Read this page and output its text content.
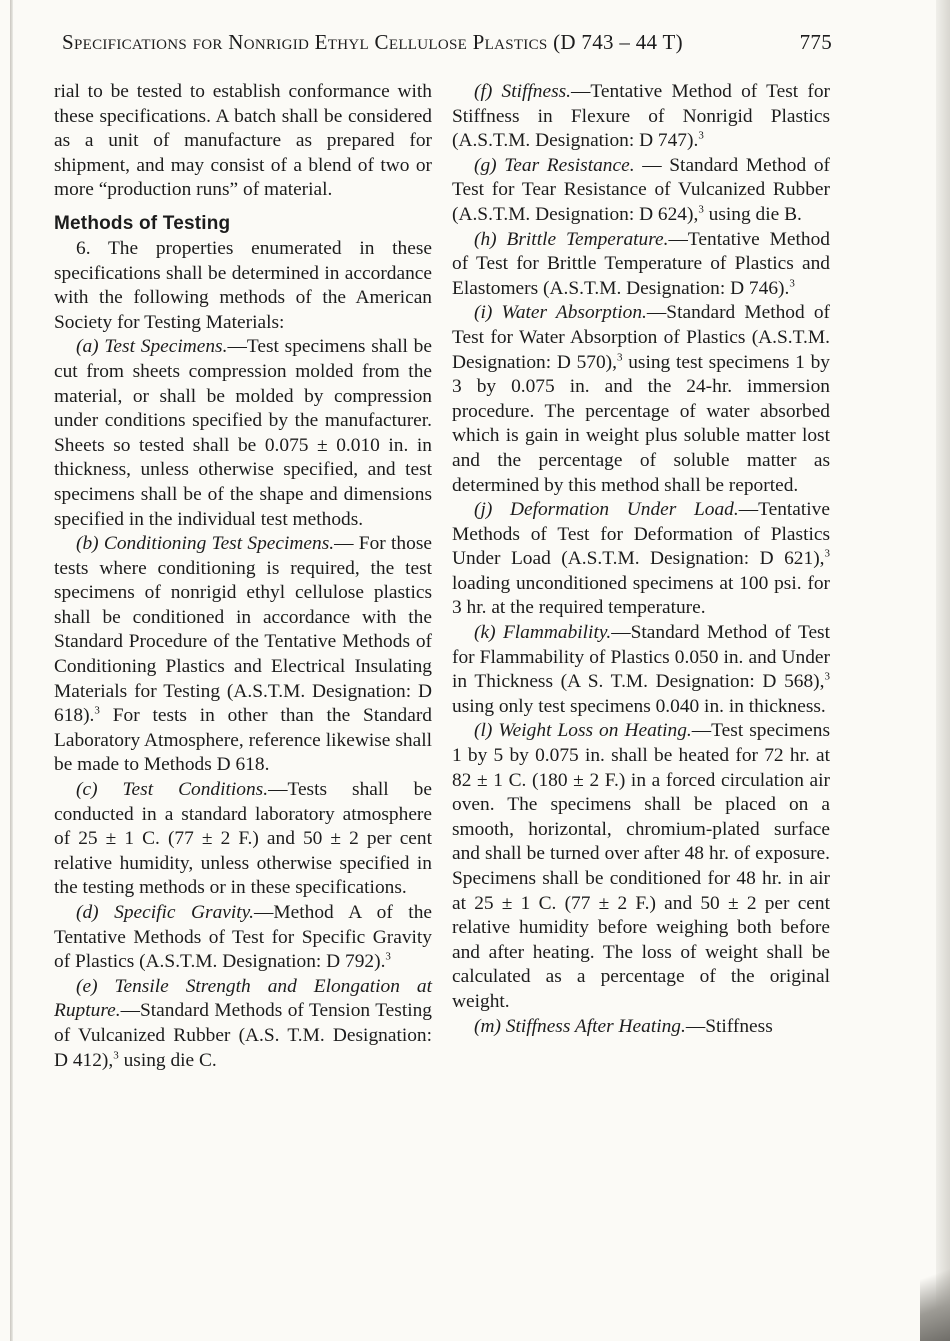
Specifications for Nonrigid Ethyl Cellulose Plastics (D 743 – 44 T)	775

rial to be tested to establish conformance with these specifications. A batch shall be considered as a unit of manufacture as prepared for shipment, and may consist of a blend of two or more “production runs” of material.

Methods of Testing

6. The properties enumerated in these specifications shall be determined in accordance with the following methods of the American Society for Testing Materials:

(a) Test Specimens.—Test specimens shall be cut from sheets compression molded from the material, or shall be molded by compression under conditions specified by the manufacturer. Sheets so tested shall be 0.075 ± 0.010 in. in thickness, unless otherwise specified, and test specimens shall be of the shape and dimensions specified in the individual test methods.

(b) Conditioning Test Specimens.— For those tests where conditioning is required, the test specimens of nonrigid ethyl cellulose plastics shall be conditioned in accordance with the Standard Procedure of the Tentative Methods of Conditioning Plastics and Electrical Insulating Materials for Testing (A.S.T.M. Designation: D 618).$^3$ For tests in other than the Standard Laboratory Atmosphere, reference likewise shall be made to Methods D 618.

(c) Test Conditions.—Tests shall be conducted in a standard laboratory atmosphere of 25 ± 1 C. (77 ± 2 F.) and 50 ± 2 per cent relative humidity, unless otherwise specified in the testing methods or in these specifications.

(d) Specific Gravity.—Method A of the Tentative Methods of Test for Specific Gravity of Plastics (A.S.T.M. Designation: D 792).$^3$

(e) Tensile Strength and Elongation at Rupture.—Standard Methods of Tension Testing of Vulcanized Rubber (A.S. T.M. Designation: D 412),$^3$ using die C.

(f) Stiffness.—Tentative Method of Test for Stiffness in Flexure of Nonrigid Plastics (A.S.T.M. Designation: D 747).$^3$

(g) Tear Resistance. — Standard Method of Test for Tear Resistance of Vulcanized Rubber (A.S.T.M. Designation: D 624),$^3$ using die B.

(h) Brittle Temperature.—Tentative Method of Test for Brittle Temperature of Plastics and Elastomers (A.S.T.M. Designation: D 746).$^3$

(i) Water Absorption.—Standard Method of Test for Water Absorption of Plastics (A.S.T.M. Designation: D 570),$^3$ using test specimens 1 by 3 by 0.075 in. and the 24-hr. immersion procedure. The percentage of water absorbed which is gain in weight plus soluble matter lost and the percentage of soluble matter as determined by this method shall be reported.

(j) Deformation Under Load.—Tentative Methods of Test for Deformation of Plastics Under Load (A.S.T.M. Designation: D 621),$^3$ loading unconditioned specimens at 100 psi. for 3 hr. at the required temperature.

(k) Flammability.—Standard Method of Test for Flammability of Plastics 0.050 in. and Under in Thickness (A S. T.M. Designation: D 568),$^3$ using only test specimens 0.040 in. in thickness.

(l) Weight Loss on Heating.—Test specimens 1 by 5 by 0.075 in. shall be heated for 72 hr. at 82 ± 1 C. (180 ± 2 F.) in a forced circulation air oven. The specimens shall be placed on a smooth, horizontal, chromium-plated surface and shall be turned over after 48 hr. of exposure. Specimens shall be conditioned for 48 hr. in air at 25 ± 1 C. (77 ± 2 F.) and 50 ± 2 per cent relative humidity before weighing both before and after heating. The loss of weight shall be calculated as a percentage of the original weight.

(m) Stiffness After Heating.—Stiffness
